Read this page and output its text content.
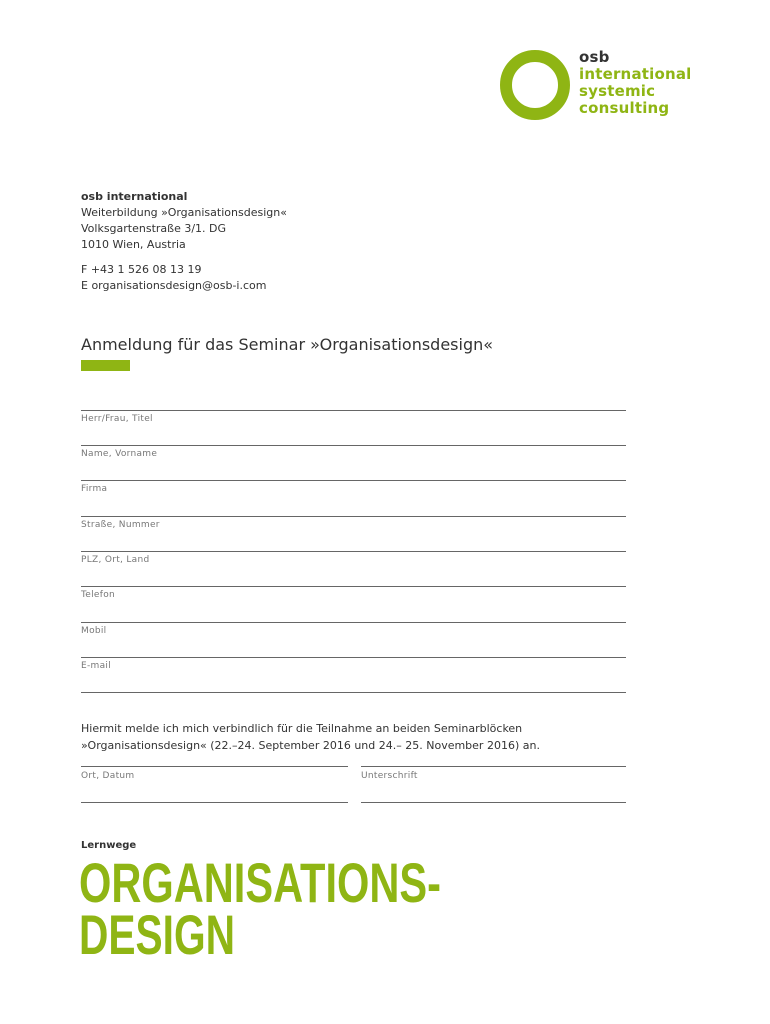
osb
international
systemic
consulting
osb international
Weiterbildung »Organisationsdesign«
Volksgartenstraße 3/1. DG
1010 Wien, Austria
F +43 1 526 08 13 19
E organisationsdesign@osb-i.com
Anmeldung für das Seminar »Organisationsdesign«
Herr/Frau, Titel
Name, Vorname
Firma
Straße, Nummer
PLZ, Ort, Land
Telefon
Mobil
E-mail
Hiermit melde ich mich verbindlich für die Teilnahme an beiden Seminarblöcken
»Organisationsdesign« (22.–24. September 2016 und 24.– 25. November 2016) an.
Ort, Datum	Unterschrift
Lernwege
ORGANISATIONS-
DESIGN
